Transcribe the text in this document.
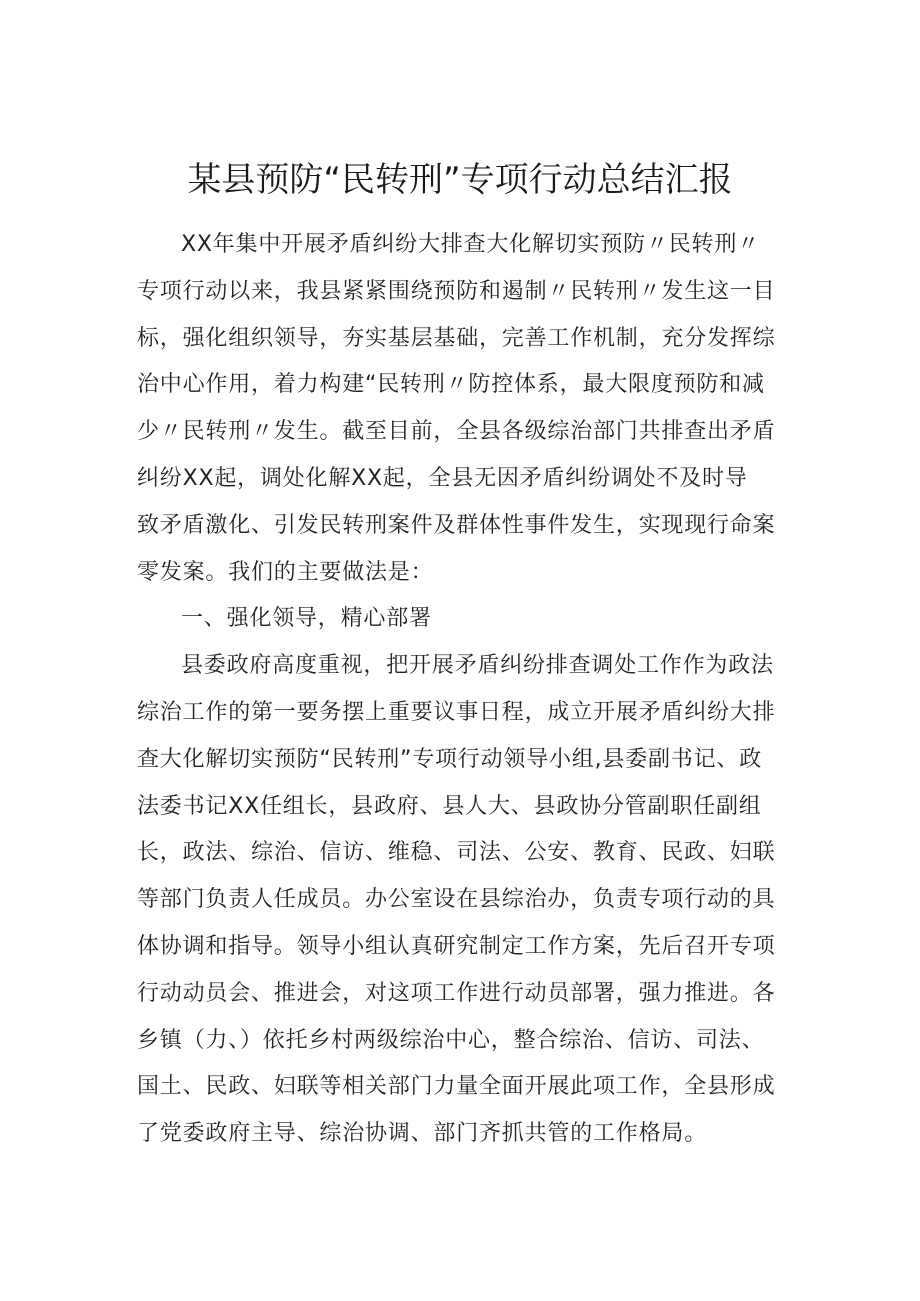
某县预防“民转刑”专项行动总结汇报
XX年集中开展矛盾纠纷大排查大化解切实预防〃民转刑〃
专项行动以来，我县紧紧围绕预防和遏制〃民转刑〃发生这一目
标，强化组织领导，夯实基层基础，完善工作机制，充分发挥综
治中心作用，着力构建“民转刑〃防控体系，最大限度预防和减
少〃民转刑〃发生。截至目前，全县各级综治部门共排查出矛盾
纠纷XX起，调处化解XX起，全县无因矛盾纠纷调处不及时导
致矛盾激化、引发民转刑案件及群体性事件发生，实现现行命案
零发案。我们的主要做法是：
一、强化领导，精心部署
县委政府高度重视，把开展矛盾纠纷排查调处工作作为政法
综治工作的第一要务摆上重要议事日程，成立开展矛盾纠纷大排
查大化解切实预防“民转刑”专项行动领导小组,县委副书记、政
法委书记XX任组长，县政府、县人大、县政协分管副职任副组
长，政法、综治、信访、维稳、司法、公安、教育、民政、妇联
等部门负责人任成员。办公室设在县综治办，负责专项行动的具
体协调和指导。领导小组认真研究制定工作方案，先后召开专项
行动动员会、推进会，对这项工作进行动员部署，强力推进。各
乡镇（力、）依托乡村两级综治中心，整合综治、信访、司法、
国土、民政、妇联等相关部门力量全面开展此项工作，全县形成
了党委政府主导、综治协调、部门齐抓共管的工作格局。
